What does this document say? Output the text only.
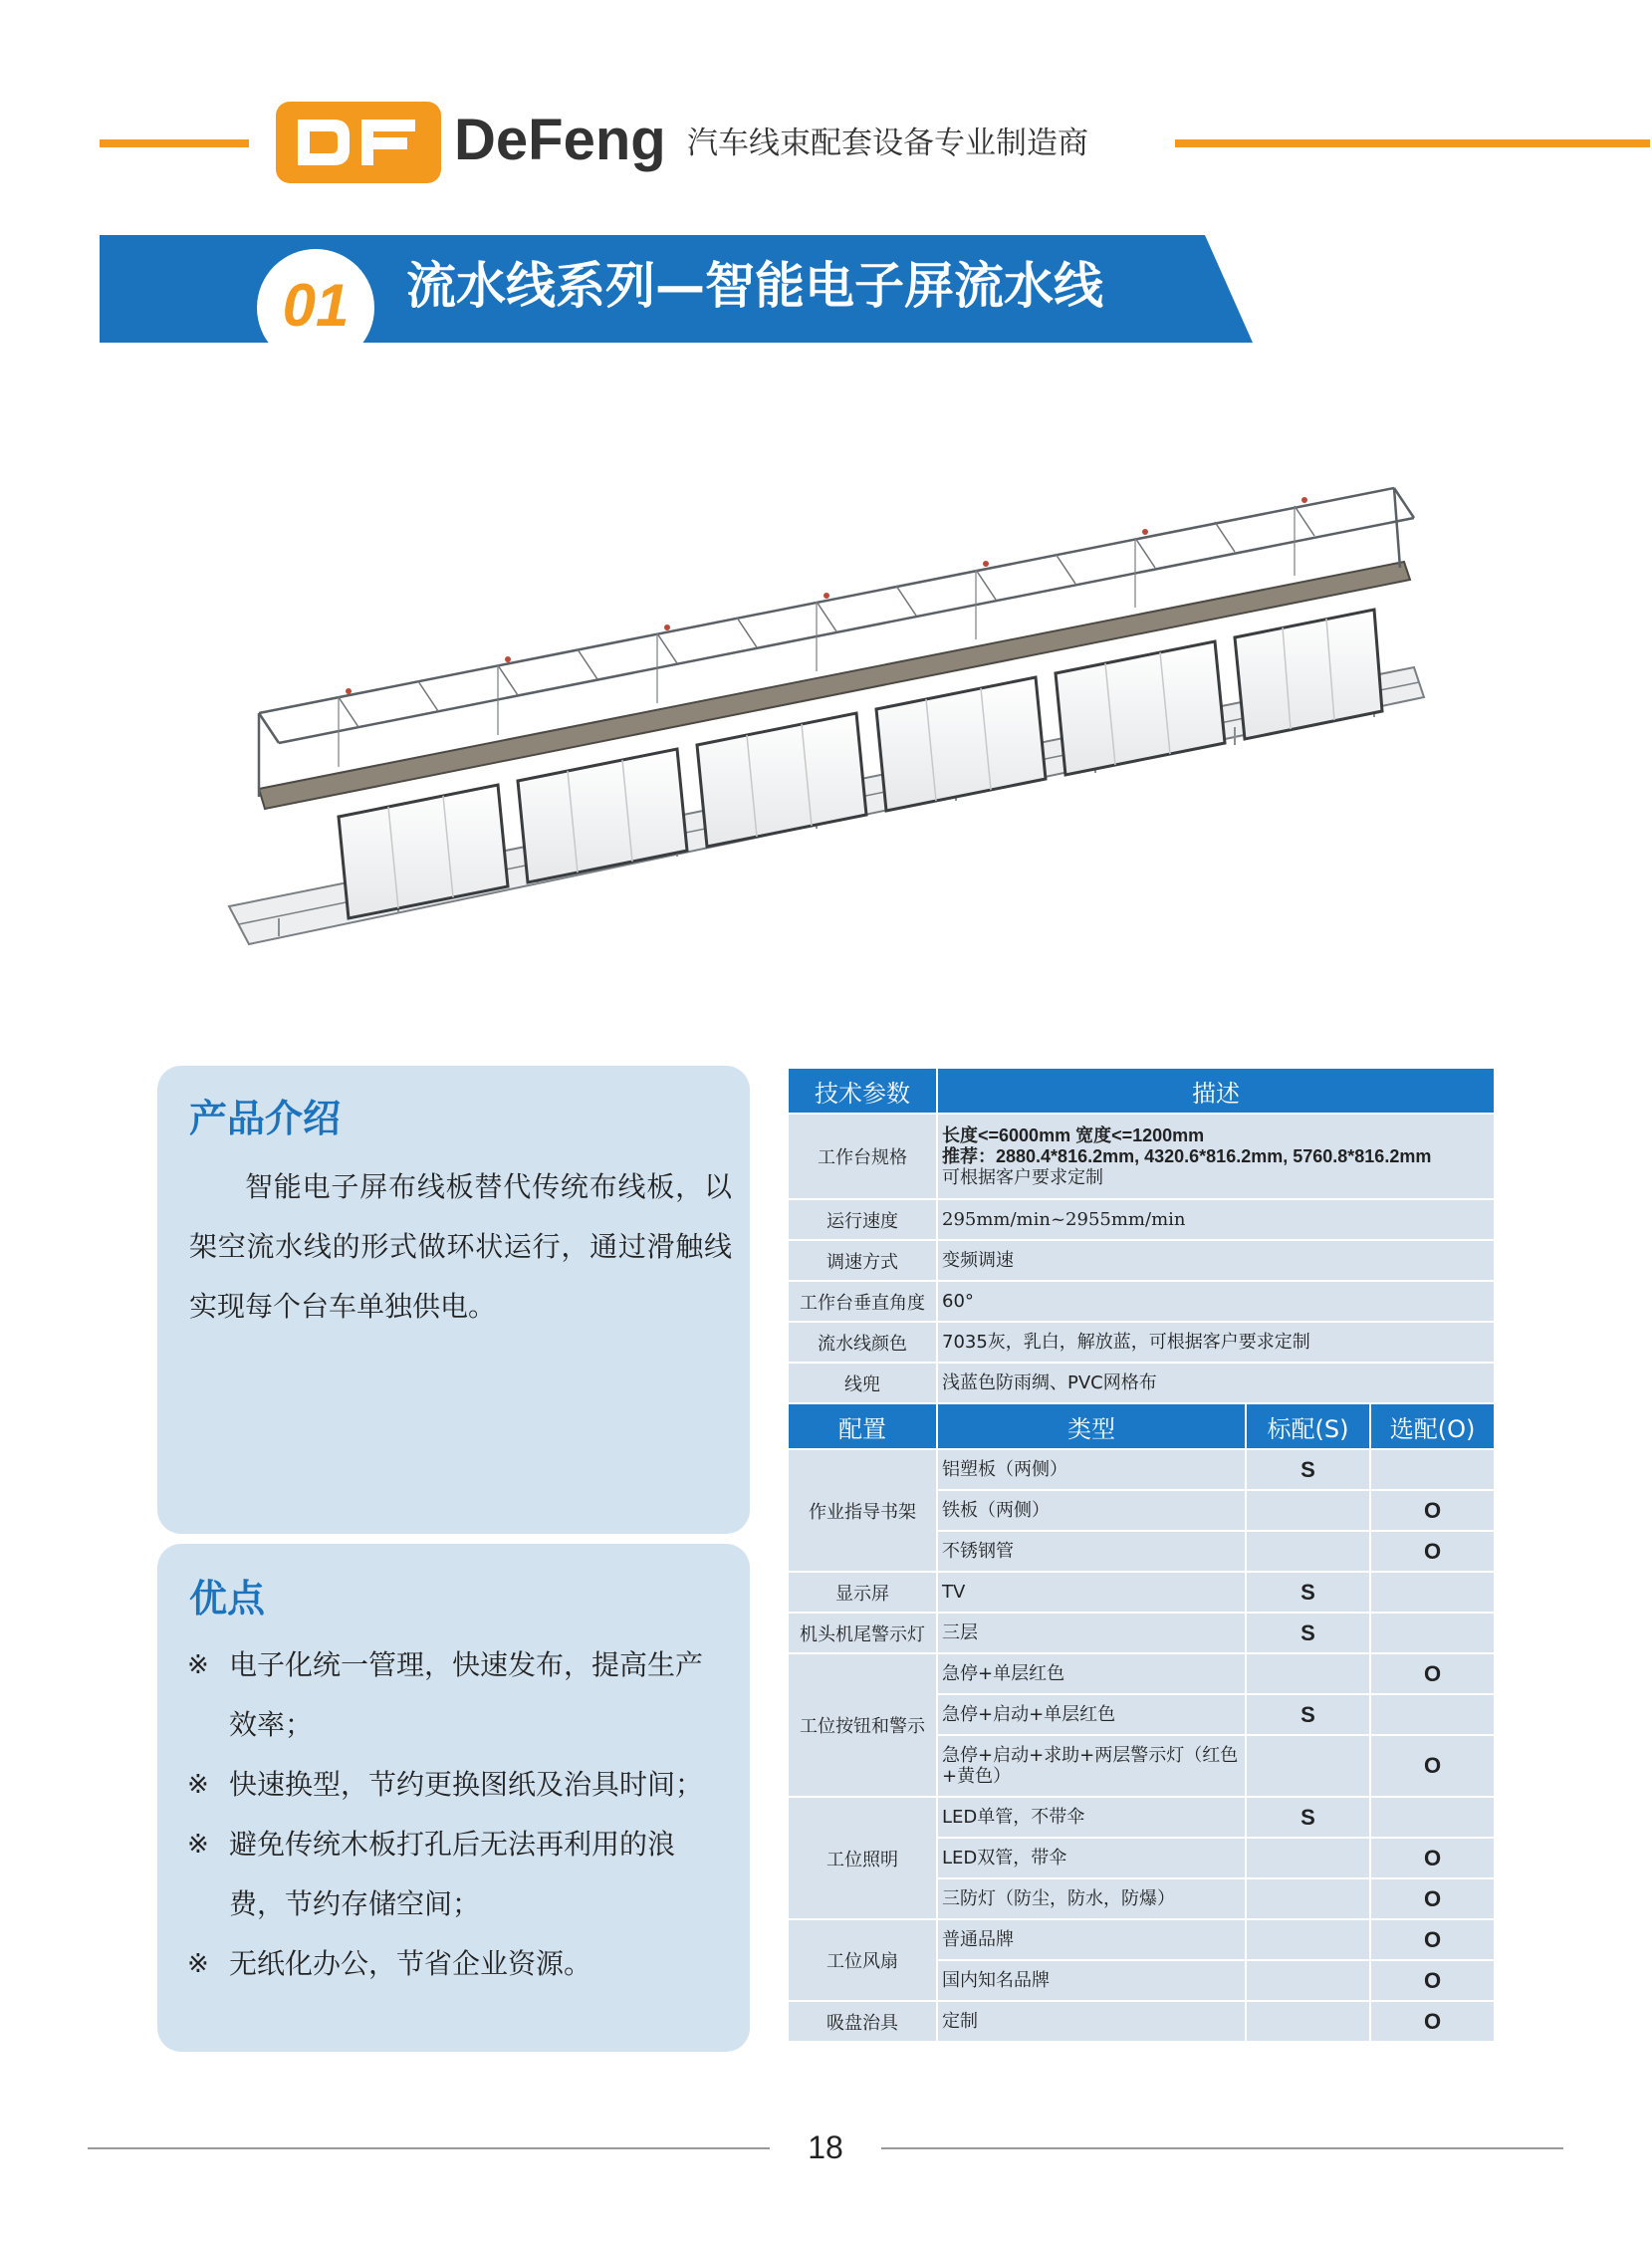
DeFeng 汽车线束配套设备专业制造商
01	流水线系列—智能电子屏流水线
产品介绍

智能电子屏布线板替代传统布线板，以架空流水线的形式做环状运行，通过滑触线实现每个台车单独供电。

优点
※ 电子化统一管理，快速发布，提高生产效率；
※ 快速换型，节约更换图纸及治具时间；
※ 避免传统木板打孔后无法再利用的浪费，节约存储空间；
※ 无纸化办公，节省企业资源。
技术参数	描述		
工作台规格	长度<=6000mm 宽度<=1200mm
推荐：2880.4*816.2mm, 4320.6*816.2mm, 5760.8*816.2mm
可根据客户要求定制		

运行速度	295mm/min~2955mm/min		
调速方式	变频调速		
工作台垂直角度	60°		
流水线颜色	7035灰，乳白，解放蓝，可根据客户要求定制		
线兜	浅蓝色防雨绸、PVC网格布		
配置	类型	标配(S)	选配(O)
作业指导书架	铝塑板（两侧）	S	
	铁板（两侧）		O
	不锈钢管		O
显示屏	TV	S	
机头机尾警示灯	三层	S	
工位按钮和警示	急停+单层红色		O
	急停+启动+单层红色	S	
	急停+启动+求助+两层警示灯（红色+黄色）		O
工位照明	LED单管，不带伞	S	
	LED双管，带伞		O
	三防灯（防尘，防水，防爆）		O
工位风扇	普通品牌		O
	国内知名品牌		O
吸盘治具	定制		O
18
